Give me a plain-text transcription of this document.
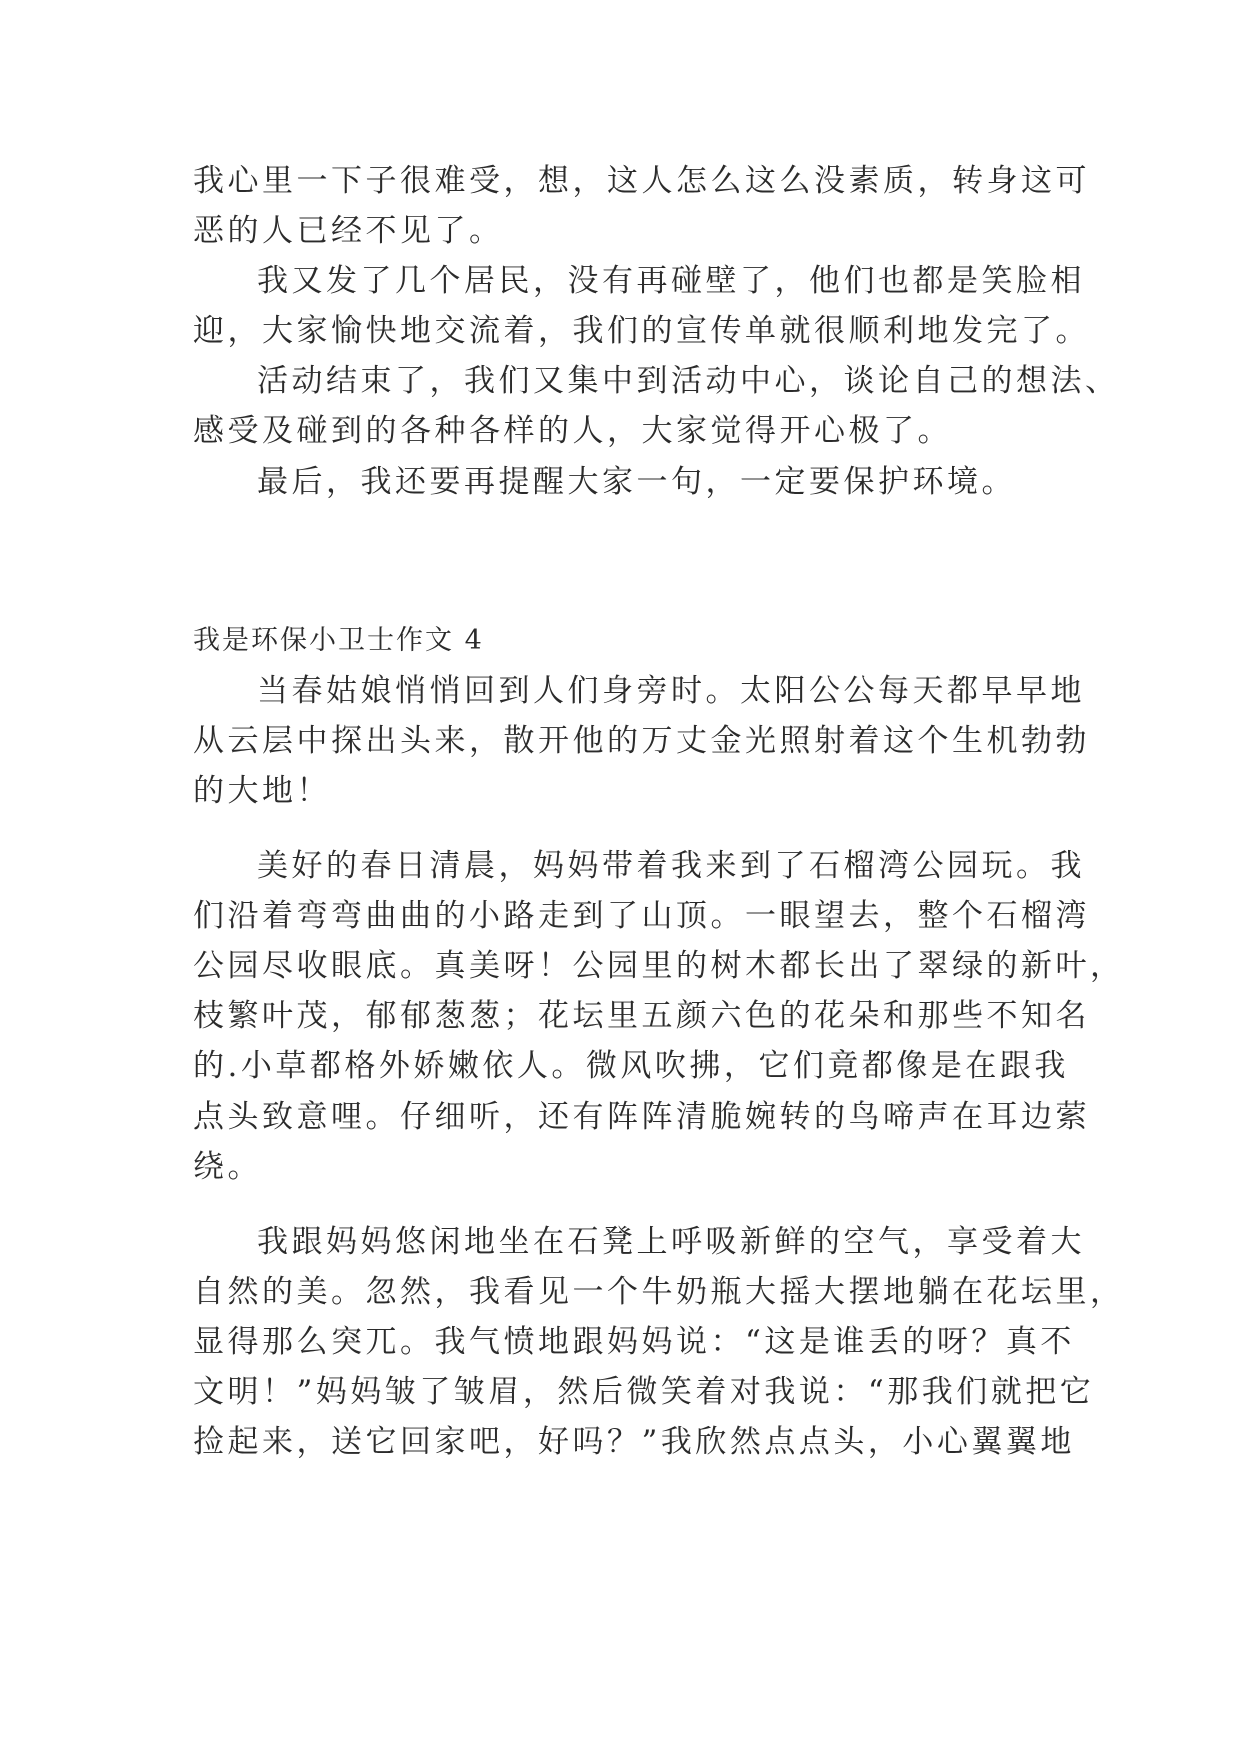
我心里一下子很难受，想，这人怎么这么没素质，转身这可
恶的人已经不见了。
我又发了几个居民，没有再碰壁了，他们也都是笑脸相
迎，大家愉快地交流着，我们的宣传单就很顺利地发完了。
活动结束了，我们又集中到活动中心，谈论自己的想法、
感受及碰到的各种各样的人，大家觉得开心极了。
最后，我还要再提醒大家一句，一定要保护环境。
我是环保小卫士作文 4
当春姑娘悄悄回到人们身旁时。太阳公公每天都早早地
从云层中探出头来，散开他的万丈金光照射着这个生机勃勃
的大地！
美好的春日清晨，妈妈带着我来到了石榴湾公园玩。我
们沿着弯弯曲曲的小路走到了山顶。一眼望去，整个石榴湾
公园尽收眼底。真美呀！公园里的树木都长出了翠绿的新叶，
枝繁叶茂，郁郁葱葱；花坛里五颜六色的花朵和那些不知名
的.小草都格外娇嫩依人。微风吹拂，它们竟都像是在跟我
点头致意哩。仔细听，还有阵阵清脆婉转的鸟啼声在耳边萦
绕。
我跟妈妈悠闲地坐在石凳上呼吸新鲜的空气，享受着大
自然的美。忽然，我看见一个牛奶瓶大摇大摆地躺在花坛里，
显得那么突兀。我气愤地跟妈妈说：“这是谁丢的呀？真不
文明！”妈妈皱了皱眉，然后微笑着对我说：“那我们就把它
捡起来，送它回家吧，好吗？”我欣然点点头，小心翼翼地
